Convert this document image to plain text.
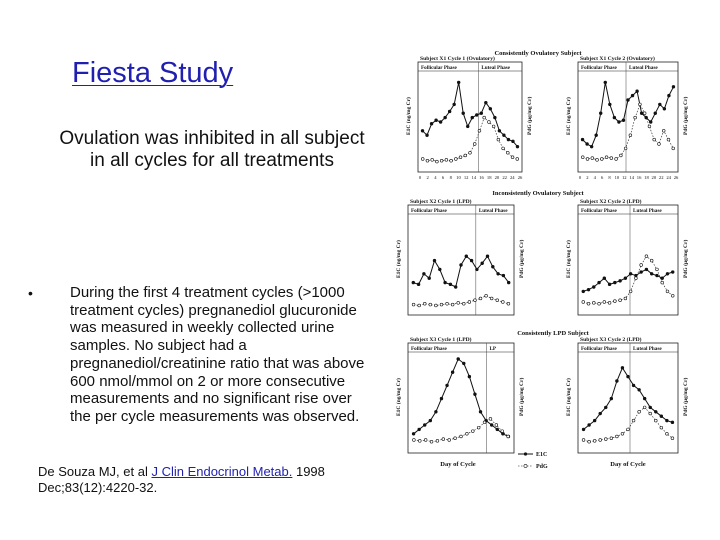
Fiesta Study
Ovulation was inhibited in all subject in all cycles for all treatments
• During the first 4 treatment cycles (>1000 treatment cycles) pregnanediol glucuronide was measured in weekly collected urine samples. No subject had a pregnanediol/creatinine ratio that was above 600 nmol/mmol on 2 or more consecutive measurements and no significant rise over the per cycle measurements was observed.
De Souza MJ, et al J Clin Endocrinol Metab. 1998 Dec;83(12):4220-32.
Consistently Ovulatory Subject
Inconsistently Ovulatory Subject
Consistently LPD Subject
Follicular Phase	Luteal Phase
Subject X1 Cycle 1 (Ovulatory)
E1C (ng/mg Cr)	PdG (µg/mg Cr)
Follicular Phase Luteal Phase
Subject X1 Cycle 2 (Ovulatory)
E1C (ng/mg Cr)	PdG (µg/mg Cr)
Follicular Phase	Luteal Phase
Subject X2 Cycle 1 (LPD)
E1C (ng/mg Cr)	PdG (µg/mg Cr)
Follicular Phase	Luteal Phase
Subject X2 Cycle 2 (LPD)
E1C (ng/mg Cr)	PdG (µg/mg Cr)
Follicular Phase	LP
Subject X3 Cycle 1 (LPD)
E1C (ng/mg Cr)	PdG (µg/mg Cr)
Follicular Phase	Luteal Phase
Subject X3 Cycle 2 (LPD)
E1C (ng/mg Cr)	PdG (µg/mg Cr)
0 2 4 6 8 10 12 14 16 18 20 22 24 26	0 2 4 6 8 10 12 14 16 18 20 22 24 26
Day of Cycle	Day of Cycle
E1C
PdG
